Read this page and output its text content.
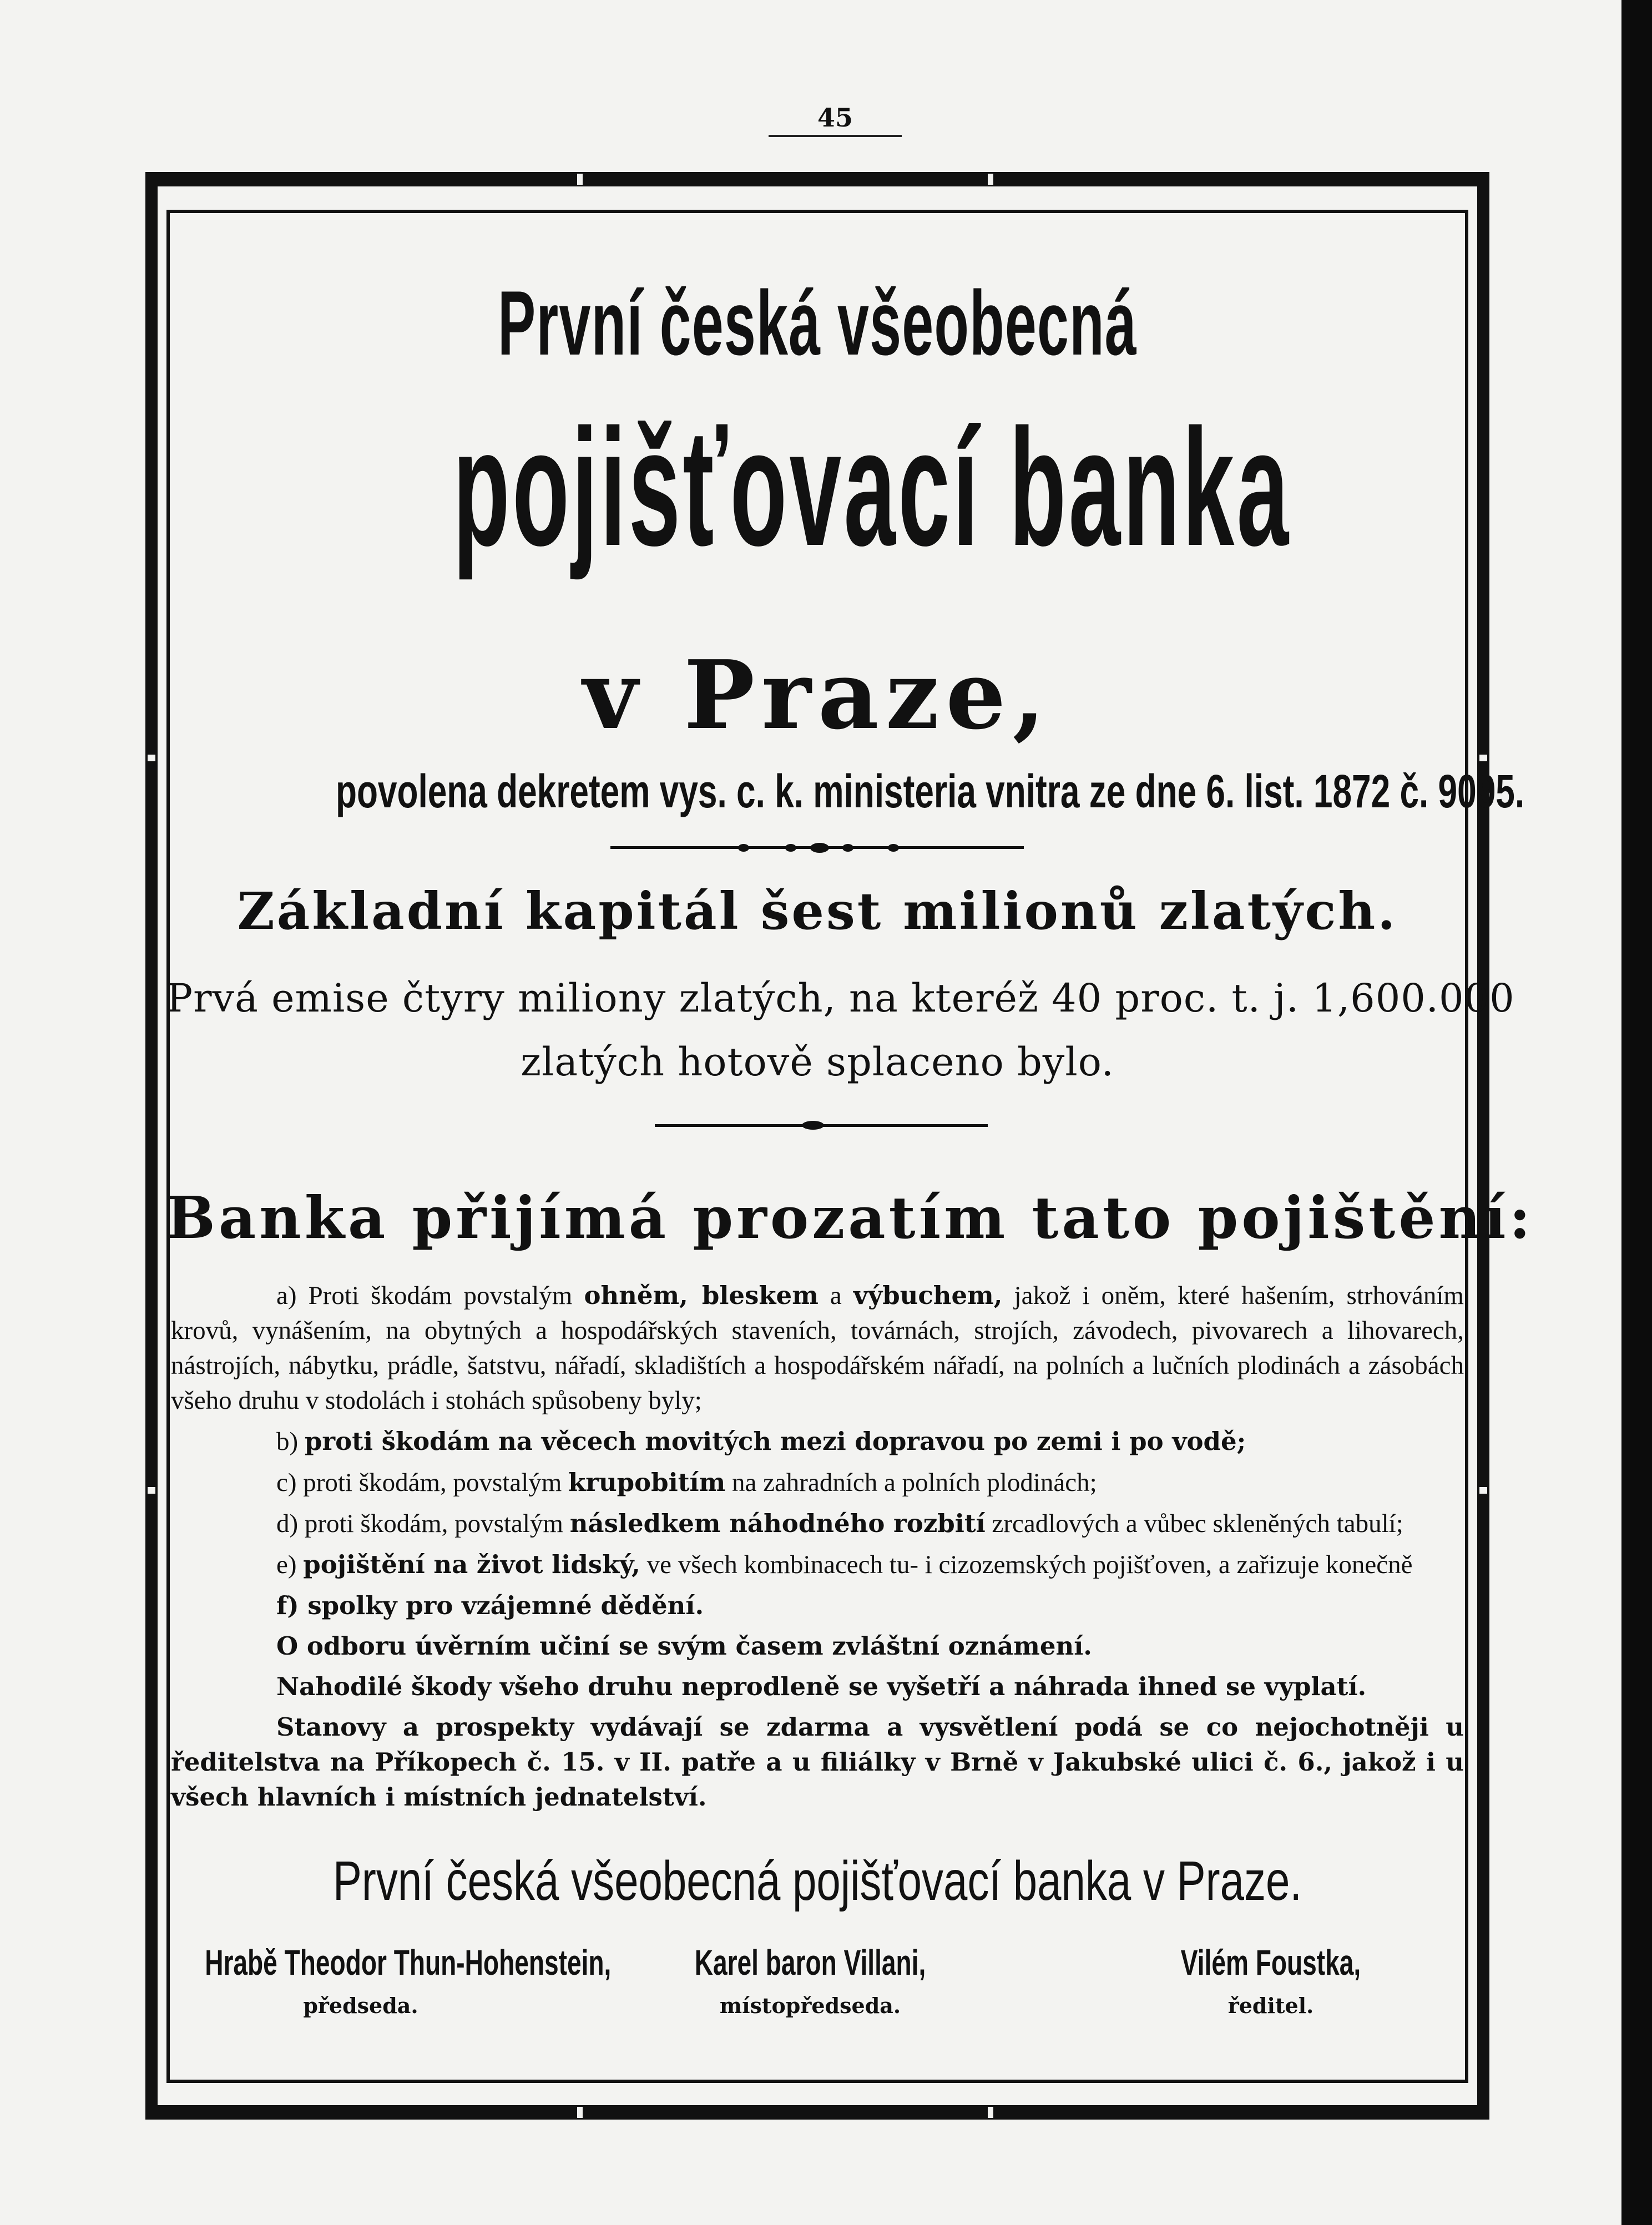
45
První česká všeobecná
pojišťovací banka
v Praze,
povolena dekretem vys. c. k. ministeria vnitra ze dne 6. list. 1872 č. 9095.
Základní kapitál šest milionů zlatých.
Prvá emise čtyry miliony zlatých, na kteréž 40 proc. t. j. 1,600.000
zlatých hotově splaceno bylo.
Banka přijímá prozatím tato pojištění:
a) Proti škodám povstalým ohněm, bleskem a výbuchem, jakož i oněm, které hašením, strhováním krovů, vynášením, na obytných a hospodářských staveních, továrnách, strojích, závodech, pivovarech a lihovarech, nástrojích, nábytku, prádle, šatstvu, nářadí, skladištích a hospodářském nářadí, na polních a lučních plodinách a zásobách všeho druhu v stodolách i stohách spůsobeny byly;
b) proti škodám na věcech movitých mezi dopravou po zemi i po vodě;
c) proti škodám, povstalým krupobitím na zahradních a polních plodinách;
d) proti škodám, povstalým následkem náhodného rozbití zrcadlových a vůbec skleněných tabulí;
e) pojištění na život lidský, ve všech kombinacech tu- i cizozemských pojišťoven, a zařizuje konečně
f) spolky pro vzájemné dědění.
O odboru úvěrním učiní se svým časem zvláštní oznámení.
Nahodilé škody všeho druhu neprodleně se vyšetří a náhrada ihned se vyplatí.
Stanovy a prospekty vydávají se zdarma a vysvětlení podá se co nejochotněji u ředitelstva na Příkopech č. 15. v II. patře a u filiálky v Brně v Jakubské ulici č. 6., jakož i u všech hlavních i místních jednatelství.
První česká všeobecná pojišťovací banka v Praze.
Hrabě Theodor Thun-Hohenstein,
předseda.
Karel baron Villani,
místopředseda.
Vilém Foustka,
ředitel.
